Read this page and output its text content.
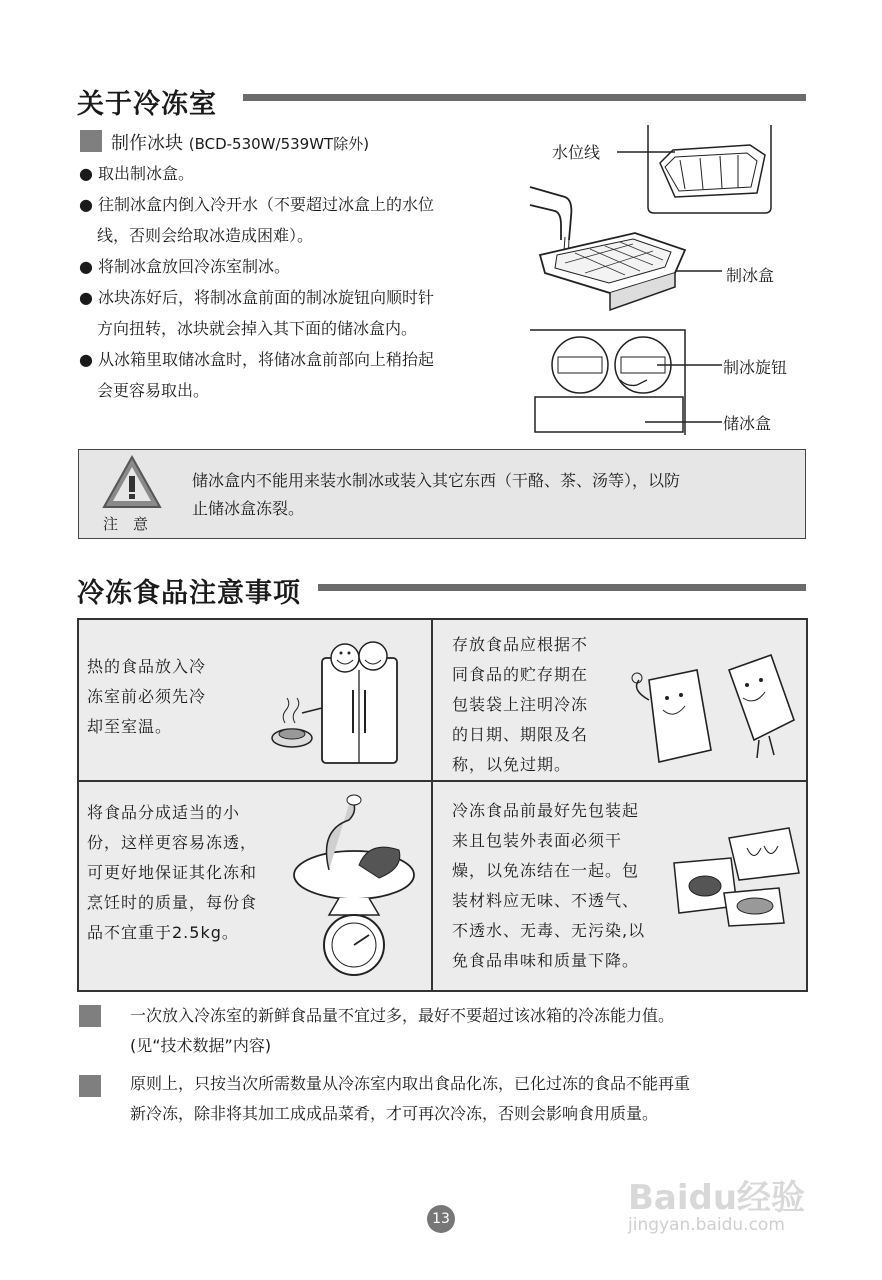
关于冷冻室
制作冰块 (BCD-530W/539WT除外)

● 取出制冰盒。

● 往制冰盒内倒入冷开水（不要超过冰盒上的水位

线，否则会给取冰造成困难）。

● 将制冰盒放回冷冻室制冰。

● 冰块冻好后，将制冰盒前面的制冰旋钮向顺时针

方向扭转，冰块就会掉入其下面的储冰盒内。

● 从冰箱里取储冰盒时，将储冰盒前部向上稍抬起

会更容易取出。

水位线
制冰盒
制冰旋钮
储冰盒
注　意
储冰盒内不能用来装水制冰或装入其它东西（干酪、茶、汤等），以防
止储冰盒冻裂。
冷冻食品注意事项

热的食品放入冷

冻室前必须先冷

却至室温。

存放食品应根据不

同食品的贮存期在

包装袋上注明冷冻

的日期、期限及名

称，以免过期。

将食品分成适当的小

份，这样更容易冻透，

可更好地保证其化冻和

烹饪时的质量，每份食

品不宜重于2.5kg。

冷冻食品前最好先包装起

来且包装外表面必须干

燥，以免冻结在一起。包

装材料应无味、不透气、

不透水、无毒、无污染,以

免食品串味和质量下降。

一次放入冷冻室的新鲜食品量不宜过多，最好不要超过该冰箱的冷冻能力值。

(见“技术数据”内容)

原则上，只按当次所需数量从冷冻室内取出食品化冻，已化过冻的食品不能再重

新冷冻，除非将其加工成成品菜肴，才可再次冷冻，否则会影响食用质量。

13
Baidu经验
jingyan.baidu.com
